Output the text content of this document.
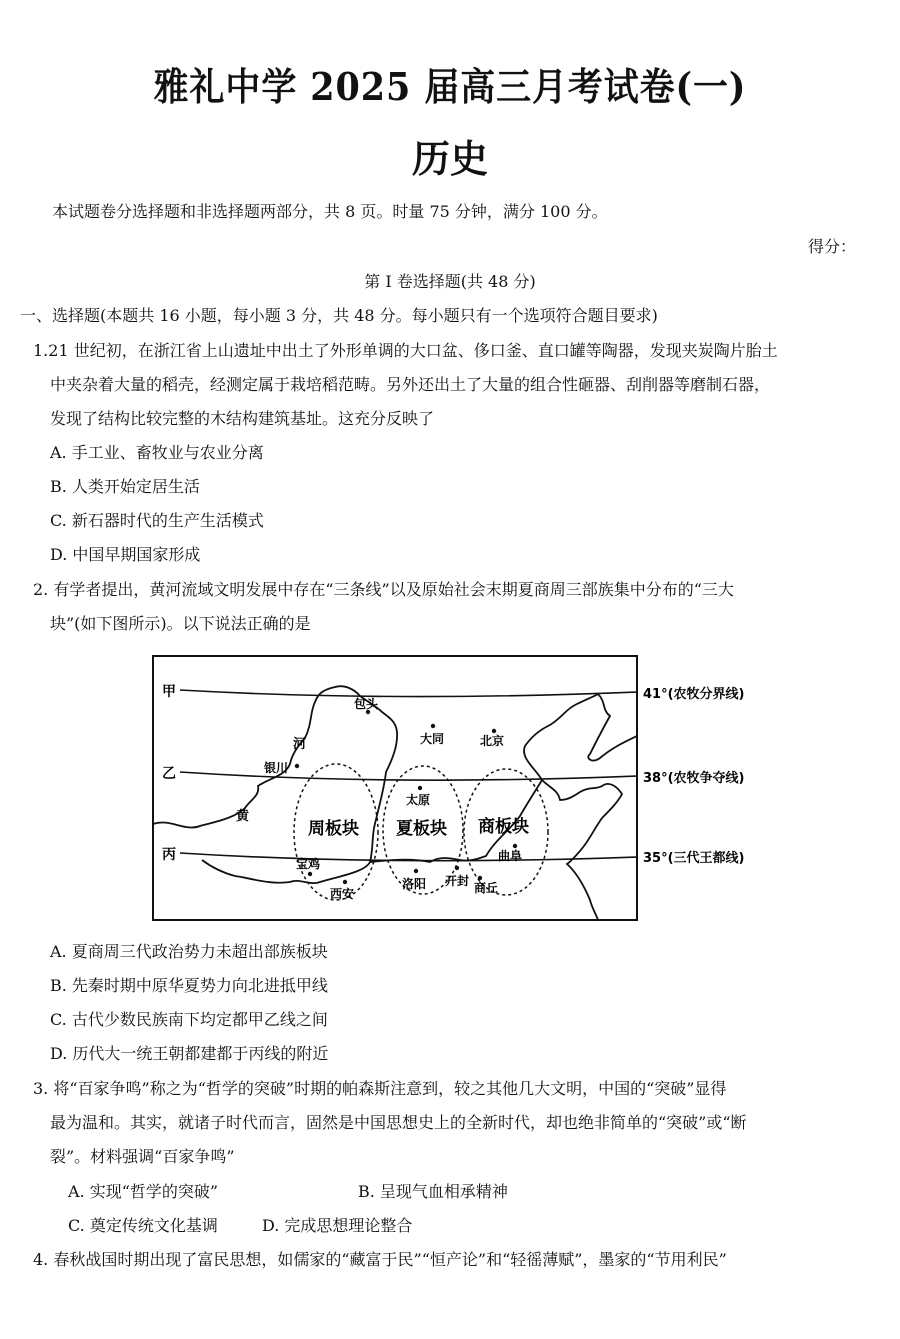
雅礼中学 2025 届高三月考试卷(一)
历史
本试题卷分选择题和非选择题两部分，共 8 页。时量 75 分钟，满分 100 分。
得分：
第 I 卷选择题(共 48 分)
一、选择题(本题共 16 小题，每小题 3 分，共 48 分。每小题只有一个选项符合题目要求)
1.21 世纪初，在浙江省上山遗址中出土了外形单调的大口盆、侈口釜、直口罐等陶器，发现夹炭陶片胎土
中夹杂着大量的稻壳，经测定属于栽培稻范畴。另外还出土了大量的组合性砸器、刮削器等磨制石器，
发现了结构比较完整的木结构建筑基址。这充分反映了
A. 手工业、畜牧业与农业分离
B. 人类开始定居生活
C. 新石器时代的生产生活模式
D. 中国早期国家形成
2. 有学者提出，黄河流域文明发展中存在“三条线”以及原始社会末期夏商周三部族集中分布的“三大
块”(如下图所示)。以下说法正确的是
甲
乙
丙
41°(农牧分界线)
38°(农牧争夺线)
35°(三代王都线)
周板块 夏板块 商板块
黄
河
包头
大同	北京
银川
太原
宝鸡
西安
洛阳 开封 商丘
曲阜
A. 夏商周三代政治势力未超出部族板块
B. 先秦时期中原华夏势力向北进抵甲线
C. 古代少数民族南下均定都甲乙线之间
D. 历代大一统王朝都建都于丙线的附近
3. 将“百家争鸣”称之为“哲学的突破”时期的帕森斯注意到，较之其他几大文明，中国的“突破”显得
最为温和。其实，就诸子时代而言，固然是中国思想史上的全新时代，却也绝非简单的“突破”或“断
裂”。材料强调“百家争鸣”
A. 实现“哲学的突破”	B. 呈现气血相承精神
C. 奠定传统文化基调	D. 完成思想理论整合
4. 春秋战国时期出现了富民思想，如儒家的“藏富于民”“恒产论”和“轻徭薄赋”，墨家的“节用利民”
